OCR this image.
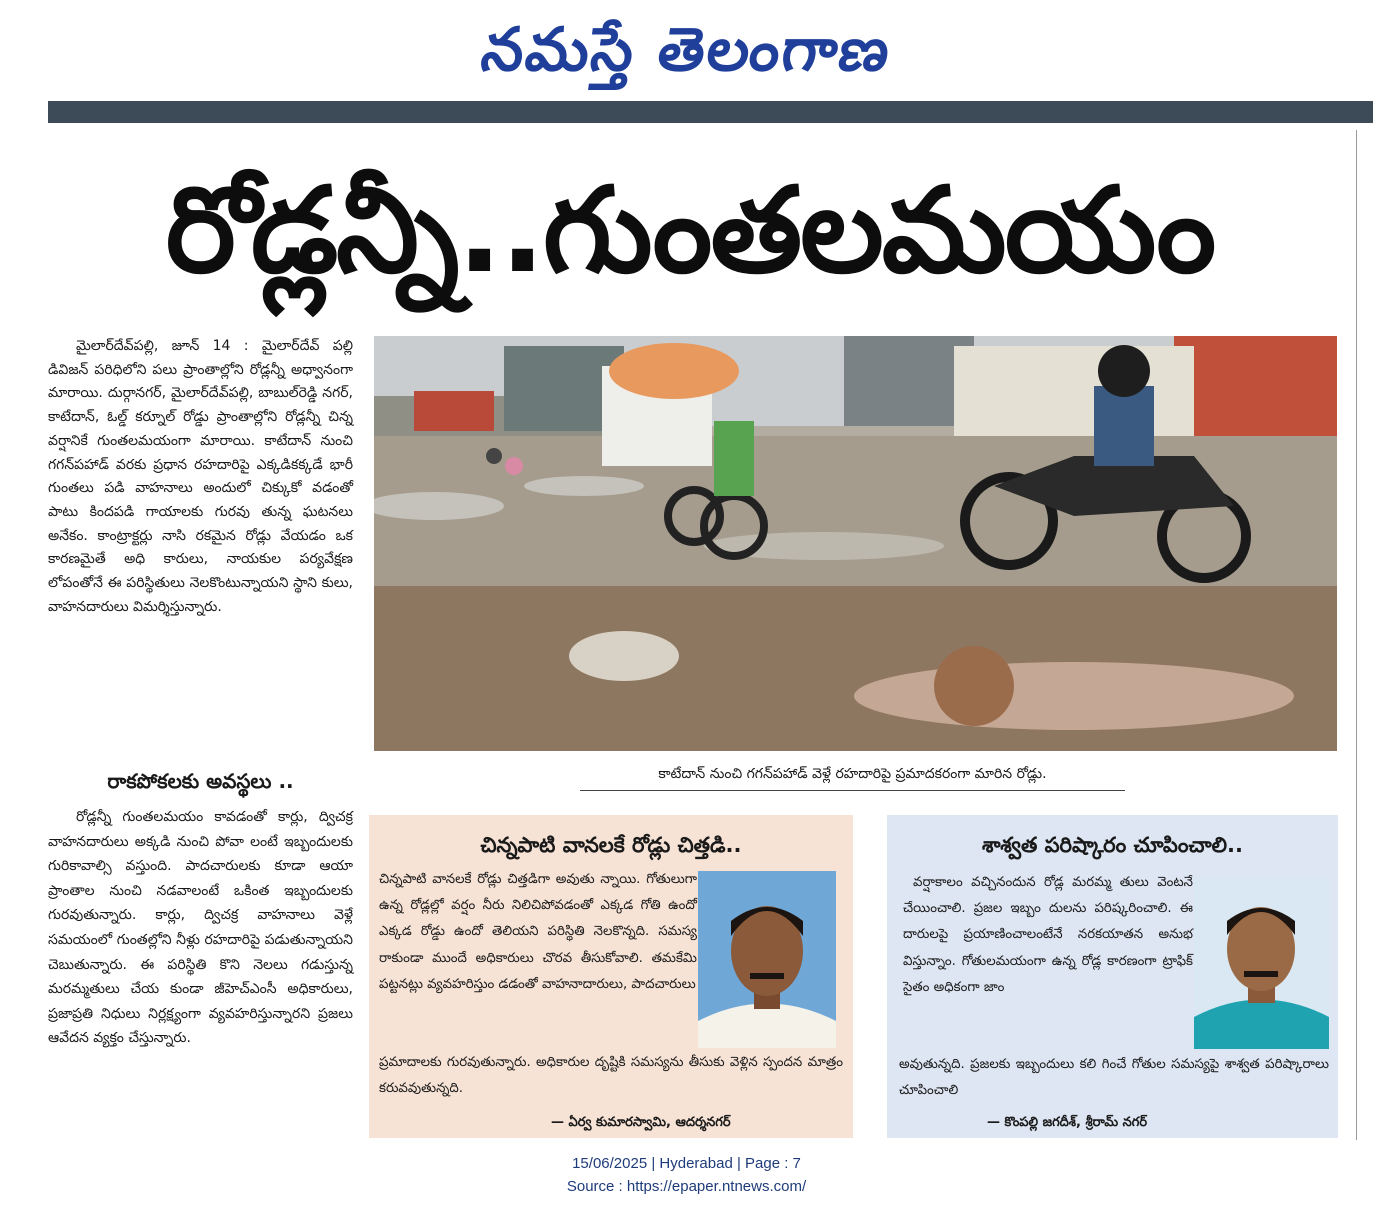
నమస్తే తెలంగాణ
రోడ్లన్నీ..గుంతలమయం

మైలార్‌దేవ్‌పల్లి, జూన్ 14 : మైలార్‌దేవ్ పల్లి డివిజన్ పరిధిలోని పలు ప్రాంతాల్లోని రోడ్లన్నీ అధ్వానంగా మారాయి. దుర్గానగర్, మైలార్‌దేవ్‌పల్లి, బాబుల్‌రెడ్డి నగర్, కాటేదాన్, ఓల్డ్ కర్నూల్ రోడ్డు ప్రాంతాల్లోని రోడ్లన్నీ చిన్న వర్షానికే గుంతలమయంగా మారాయి. కాటేదాన్ నుంచి గగన్‌పహాడ్ వరకు ప్రధాన రహదారిపై ఎక్కడికక్కడే భారీ గుంతలు పడి వాహనాలు అందులో చిక్కుకో వడంతో పాటు కిందపడి గాయాలకు గురవు తున్న ఘటనలు అనేకం. కాంట్రాక్టర్లు నాసి రకమైన రోడ్లు వేయడం ఒక కారణమైతే అధి కారులు, నాయకుల పర్యవేక్షణ లోపంతోనే ఈ పరిస్థితులు నెలకొంటున్నాయని స్థాని కులు, వాహనదారులు విమర్శిస్తున్నారు.

రాకపోకలకు అవస్థలు ..

రోడ్లన్నీ గుంతలమయం కావడంతో కార్లు, ద్విచక్ర వాహనదారులు అక్కడి నుంచి పోవా లంటే ఇబ్బందులకు గురికావాల్సి వస్తుంది. పాదచారులకు కూడా ఆయా ప్రాంతాల నుంచి నడవాలంటే ఒకింత ఇబ్బందులకు గురవుతున్నారు. కార్లు, ద్విచక్ర వాహనాలు వెళ్లే సమయంలో గుంతల్లోని నీళ్లు రహదారిపై పడుతున్నాయని చెబుతున్నారు. ఈ పరిస్థితి కొని నెలలు గడుస్తున్న మరమ్మతులు చేయ కుండా జీహెచ్‌ఎంసీ అధికారులు, ప్రజాప్రతి నిధులు నిర్లక్ష్యంగా వ్యవహరిస్తున్నారని ప్రజలు ఆవేదన వ్యక్తం చేస్తున్నారు.

కాటేదాన్ నుంచి గగన్‌పహాడ్ వెళ్లే రహదారిపై ప్రమాదకరంగా మారిన రోడ్లు.
చిన్నపాటి వానలకే రోడ్లు చిత్తడి..

చిన్నపాటి వానలకే రోడ్లు చిత్తడిగా అవుతు న్నాయి. గోతులుగా ఉన్న రోడ్లల్లో వర్షం నీరు నిలిచిపోవడంతో ఎక్కడ గోతి ఉందో ఎక్కడ రోడ్డు ఉందో తెలియని పరిస్థితి నెలకొన్నది. సమస్య రాకుండా ముందే అధికారులు చొరవ తీసుకోవాలి. తమకేమి పట్టనట్లు వ్యవహరిస్తుం డడంతో వాహనాదారులు, పాదచారులు

ప్రమాదాలకు గురవుతున్నారు. అధికారుల దృష్టికి సమస్యను తీసుకు వెళ్లిన స్పందన మాత్రం కరువవుతున్నది.

— ఏర్వ కుమారస్వామి, ఆదర్శనగర్
శాశ్వత పరిష్కారం చూపించాలి..

వర్షాకాలం వచ్చినందున రోడ్ల మరమ్మ తులు వెంటనే చేయించాలి. ప్రజల ఇబ్బం దులను పరిష్కరించాలి. ఈ దారులపై ప్రయాణించాలంటేనే నరకయాతన అనుభ విస్తున్నాం. గోతులమయంగా ఉన్న రోడ్ల కారణంగా ట్రాఫిక్ సైతం అధికంగా జాం

అవుతున్నది. ప్రజలకు ఇబ్బందులు కలి గించే గోతుల సమస్యపై శాశ్వత పరిష్కారాలు చూపించాలి

— కొంపల్లి జగదీశ్, శ్రీరామ్ నగర్
15/06/2025 | Hyderabad | Page : 7
Source : https://epaper.ntnews.com/
